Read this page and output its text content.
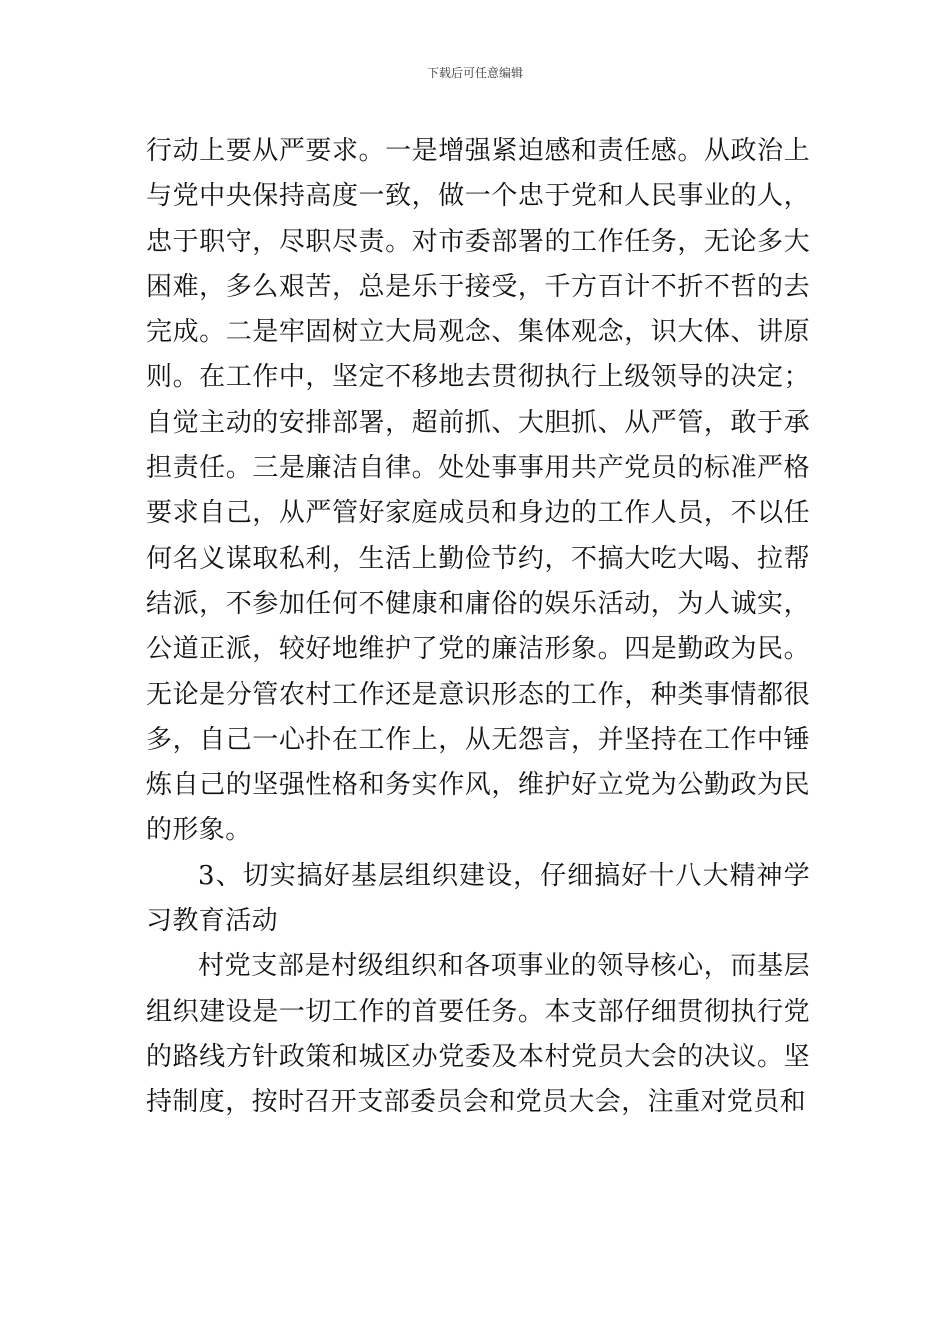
下载后可任意编辑

行动上要从严要求。一是增强紧迫感和责任感。从政治上与党中央保持高度一致，做一个忠于党和人民事业的人，忠于职守，尽职尽责。对市委部署的工作任务，无论多大困难，多么艰苦，总是乐于接受，千方百计不折不哲的去完成。二是牢固树立大局观念、集体观念，识大体、讲原则。在工作中，坚定不移地去贯彻执行上级领导的决定；自觉主动的安排部署，超前抓、大胆抓、从严管，敢于承担责任。三是廉洁自律。处处事事用共产党员的标准严格要求自己，从严管好家庭成员和身边的工作人员，不以任何名义谋取私利，生活上勤俭节约，不搞大吃大喝、拉帮结派，不参加任何不健康和庸俗的娱乐活动，为人诚实，公道正派，较好地维护了党的廉洁形象。四是勤政为民。无论是分管农村工作还是意识形态的工作，种类事情都很多，自己一心扑在工作上，从无怨言，并坚持在工作中锤炼自己的坚强性格和务实作风，维护好立党为公勤政为民的形象。

3、切实搞好基层组织建设，仔细搞好十八大精神学习教育活动

村党支部是村级组织和各项事业的领导核心，而基层组织建设是一切工作的首要任务。本支部仔细贯彻执行党的路线方针政策和城区办党委及本村党员大会的决议。坚持制度，按时召开支部委员会和党员大会，注重对党员和
